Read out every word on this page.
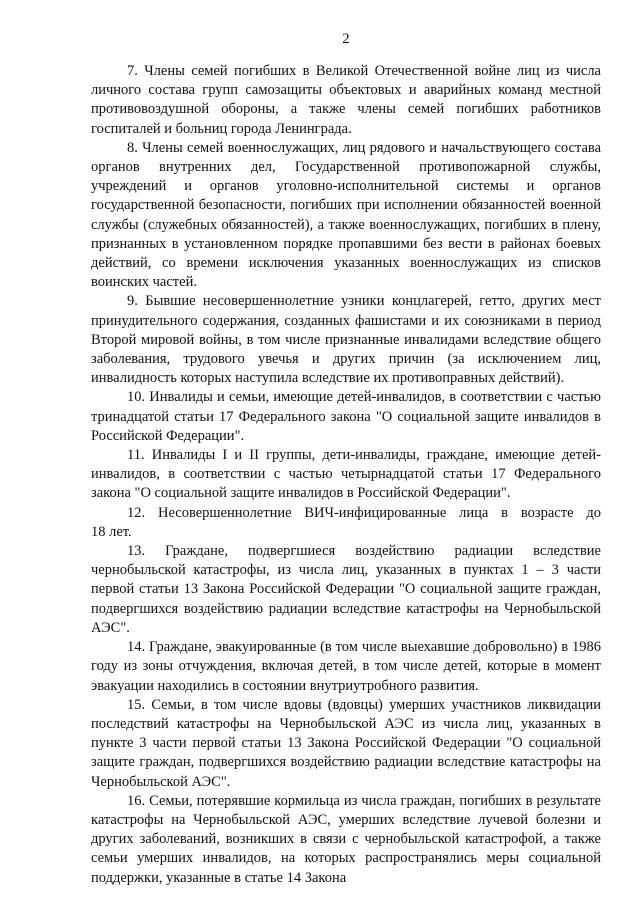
2

7. Члены семей погибших в Великой Отечественной войне лиц из числа личного состава групп самозащиты объектовых и аварийных команд местной противовоздушной обороны, а также члены семей погибших работников госпиталей и больниц города Ленинграда.

8. Члены семей военнослужащих, лиц рядового и начальствующего состава органов внутренних дел, Государственной противопожарной службы, учреждений и органов уголовно-исполнительной системы и органов государственной безопасности, погибших при исполнении обязанностей военной службы (служебных обязанностей), а также военнослужащих, погибших в плену, признанных в установленном порядке пропавшими без вести в районах боевых действий, со времени исключения указанных военнослужащих из списков воинских частей.

9. Бывшие несовершеннолетние узники концлагерей, гетто, других мест принудительного содержания, созданных фашистами и их союзниками в период Второй мировой войны, в том числе признанные инвалидами вследствие общего заболевания, трудового увечья и других причин (за исключением лиц, инвалидность которых наступила вследствие их противоправных действий).

10. Инвалиды и семьи, имеющие детей-инвалидов, в соответствии с частью тринадцатой статьи 17 Федерального закона "О социальной защите инвалидов в Российской Федерации".

11. Инвалиды I и II группы, дети-инвалиды, граждане, имеющие детей-инвалидов, в соответствии с частью четырнадцатой статьи 17 Федерального закона "О социальной защите инвалидов в Российской Федерации".

12. Несовершеннолетние ВИЧ-инфицированные лица в возрасте до

18 лет.

13. Граждане, подвергшиеся воздействию радиации вследствие чернобыльской катастрофы, из числа лиц, указанных в пунктах 1 – 3 части первой статьи 13 Закона Российской Федерации "О социальной защите граждан, подвергшихся воздействию радиации вследствие катастрофы на Чернобыльской АЭС".

14. Граждане, эвакуированные (в том числе выехавшие добровольно) в 1986 году из зоны отчуждения, включая детей, в том числе детей, которые в момент эвакуации находились в состоянии внутриутробного развития.

15. Семьи, в том числе вдовы (вдовцы) умерших участников ликвидации последствий катастрофы на Чернобыльской АЭС из числа лиц, указанных в пункте 3 части первой статьи 13 Закона Российской Федерации "О социальной защите граждан, подвергшихся воздействию радиации вследствие катастрофы на Чернобыльской АЭС".

16. Семьи, потерявшие кормильца из числа граждан, погибших в результате катастрофы на Чернобыльской АЭС, умерших вследствие лучевой болезни и других заболеваний, возникших в связи с чернобыльской катастрофой, а также семьи умерших инвалидов, на которых распространялись меры социальной поддержки, указанные в статье 14 Закона
